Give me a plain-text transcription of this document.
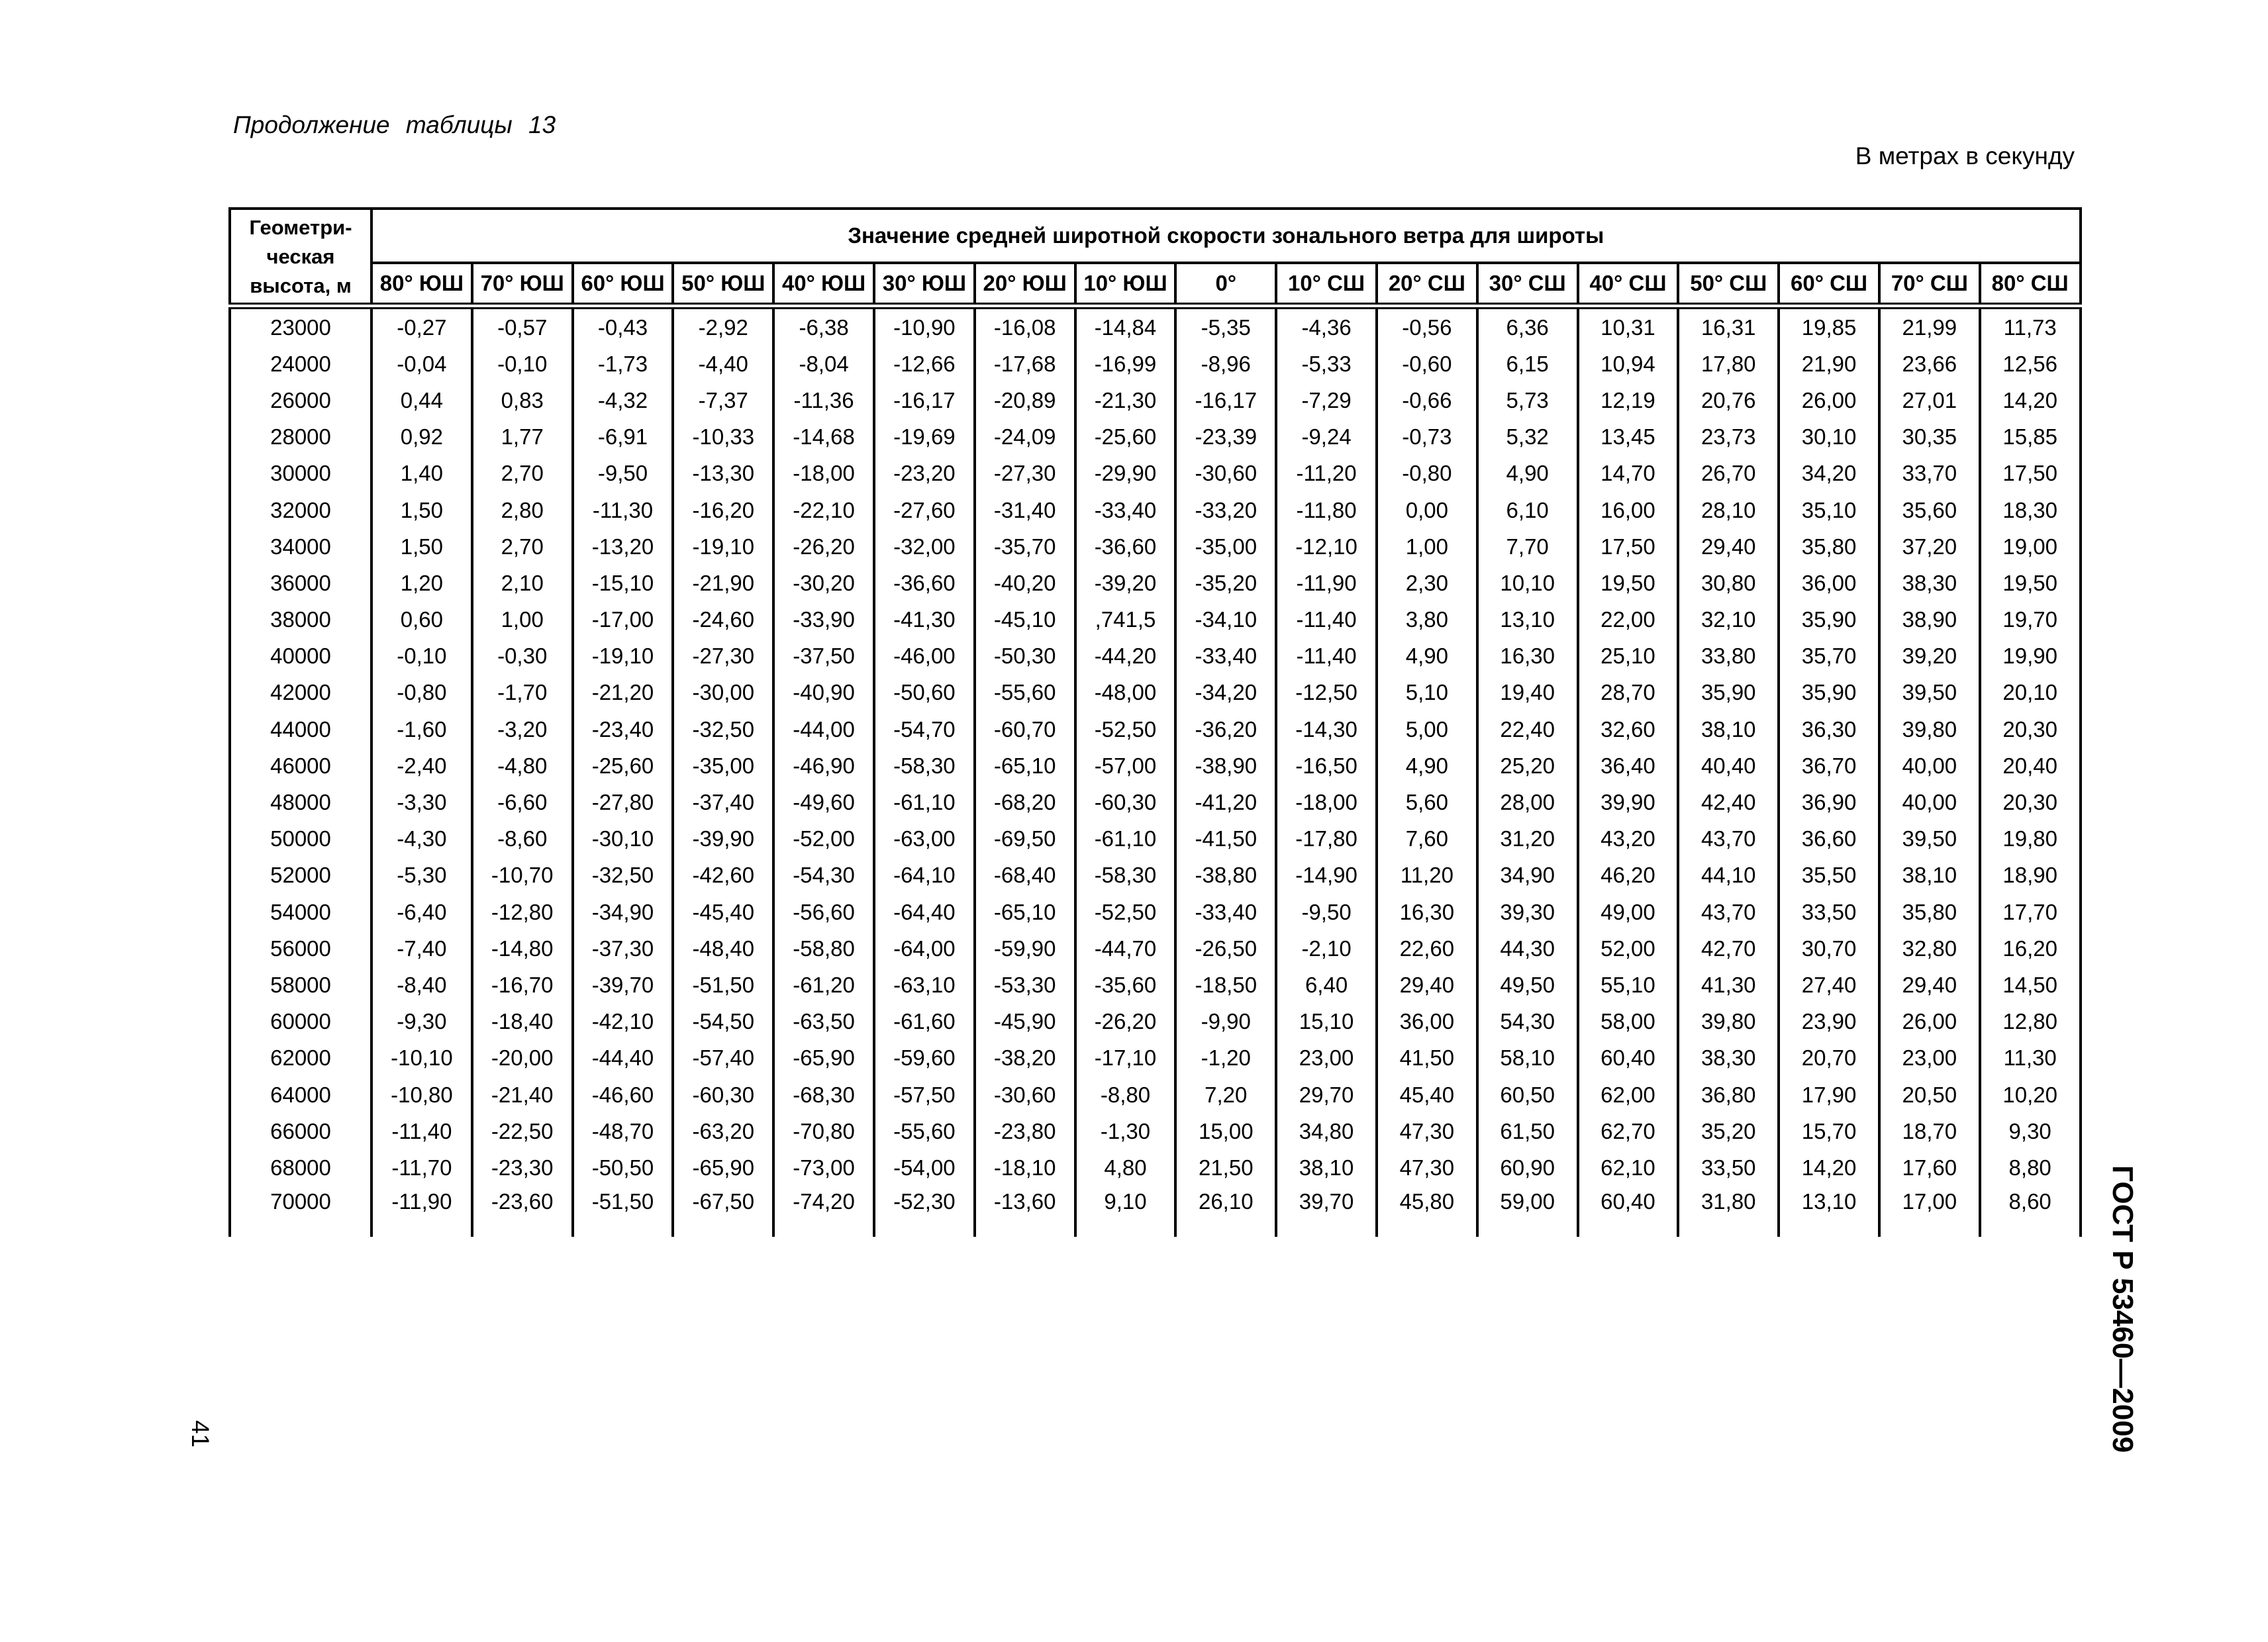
Продолжение таблицы 13
В метрах в секунду
Геометри-
ческая
высота, м	Значение средней широтной скорости зонального ветра для широты																
	80° ЮШ	70° ЮШ	60° ЮШ	50° ЮШ	40° ЮШ	30° ЮШ	20° ЮШ	10° ЮШ	0°	10° СШ	20° СШ	30° СШ	40° СШ	50° СШ	60° СШ	70° СШ	80° СШ
23000	-0,27	-0,57	-0,43	-2,92	-6,38	-10,90	-16,08	-14,84	-5,35	-4,36	-0,56	6,36	10,31	16,31	19,85	21,99	11,73
24000	-0,04	-0,10	-1,73	-4,40	-8,04	-12,66	-17,68	-16,99	-8,96	-5,33	-0,60	6,15	10,94	17,80	21,90	23,66	12,56
26000	0,44	0,83	-4,32	-7,37	-11,36	-16,17	-20,89	-21,30	-16,17	-7,29	-0,66	5,73	12,19	20,76	26,00	27,01	14,20
28000	0,92	1,77	-6,91	-10,33	-14,68	-19,69	-24,09	-25,60	-23,39	-9,24	-0,73	5,32	13,45	23,73	30,10	30,35	15,85
30000	1,40	2,70	-9,50	-13,30	-18,00	-23,20	-27,30	-29,90	-30,60	-11,20	-0,80	4,90	14,70	26,70	34,20	33,70	17,50
32000	1,50	2,80	-11,30	-16,20	-22,10	-27,60	-31,40	-33,40	-33,20	-11,80	0,00	6,10	16,00	28,10	35,10	35,60	18,30
34000	1,50	2,70	-13,20	-19,10	-26,20	-32,00	-35,70	-36,60	-35,00	-12,10	1,00	7,70	17,50	29,40	35,80	37,20	19,00
36000	1,20	2,10	-15,10	-21,90	-30,20	-36,60	-40,20	-39,20	-35,20	-11,90	2,30	10,10	19,50	30,80	36,00	38,30	19,50
38000	0,60	1,00	-17,00	-24,60	-33,90	-41,30	-45,10	,741,5	-34,10	-11,40	3,80	13,10	22,00	32,10	35,90	38,90	19,70
40000	-0,10	-0,30	-19,10	-27,30	-37,50	-46,00	-50,30	-44,20	-33,40	-11,40	4,90	16,30	25,10	33,80	35,70	39,20	19,90
42000	-0,80	-1,70	-21,20	-30,00	-40,90	-50,60	-55,60	-48,00	-34,20	-12,50	5,10	19,40	28,70	35,90	35,90	39,50	20,10
44000	-1,60	-3,20	-23,40	-32,50	-44,00	-54,70	-60,70	-52,50	-36,20	-14,30	5,00	22,40	32,60	38,10	36,30	39,80	20,30
46000	-2,40	-4,80	-25,60	-35,00	-46,90	-58,30	-65,10	-57,00	-38,90	-16,50	4,90	25,20	36,40	40,40	36,70	40,00	20,40
48000	-3,30	-6,60	-27,80	-37,40	-49,60	-61,10	-68,20	-60,30	-41,20	-18,00	5,60	28,00	39,90	42,40	36,90	40,00	20,30
50000	-4,30	-8,60	-30,10	-39,90	-52,00	-63,00	-69,50	-61,10	-41,50	-17,80	7,60	31,20	43,20	43,70	36,60	39,50	19,80
52000	-5,30	-10,70	-32,50	-42,60	-54,30	-64,10	-68,40	-58,30	-38,80	-14,90	11,20	34,90	46,20	44,10	35,50	38,10	18,90
54000	-6,40	-12,80	-34,90	-45,40	-56,60	-64,40	-65,10	-52,50	-33,40	-9,50	16,30	39,30	49,00	43,70	33,50	35,80	17,70
56000	-7,40	-14,80	-37,30	-48,40	-58,80	-64,00	-59,90	-44,70	-26,50	-2,10	22,60	44,30	52,00	42,70	30,70	32,80	16,20
58000	-8,40	-16,70	-39,70	-51,50	-61,20	-63,10	-53,30	-35,60	-18,50	6,40	29,40	49,50	55,10	41,30	27,40	29,40	14,50
60000	-9,30	-18,40	-42,10	-54,50	-63,50	-61,60	-45,90	-26,20	-9,90	15,10	36,00	54,30	58,00	39,80	23,90	26,00	12,80
62000	-10,10	-20,00	-44,40	-57,40	-65,90	-59,60	-38,20	-17,10	-1,20	23,00	41,50	58,10	60,40	38,30	20,70	23,00	11,30
64000	-10,80	-21,40	-46,60	-60,30	-68,30	-57,50	-30,60	-8,80	7,20	29,70	45,40	60,50	62,00	36,80	17,90	20,50	10,20
66000	-11,40	-22,50	-48,70	-63,20	-70,80	-55,60	-23,80	-1,30	15,00	34,80	47,30	61,50	62,70	35,20	15,70	18,70	9,30
68000	-11,70	-23,30	-50,50	-65,90	-73,00	-54,00	-18,10	4,80	21,50	38,10	47,30	60,90	62,10	33,50	14,20	17,60	8,80
70000	-11,90	-23,60	-51,50	-67,50	-74,20	-52,30	-13,60	9,10	26,10	39,70	45,80	59,00	60,40	31,80	13,10	17,00	8,60 ГОСТ Р 53460—2009
41
